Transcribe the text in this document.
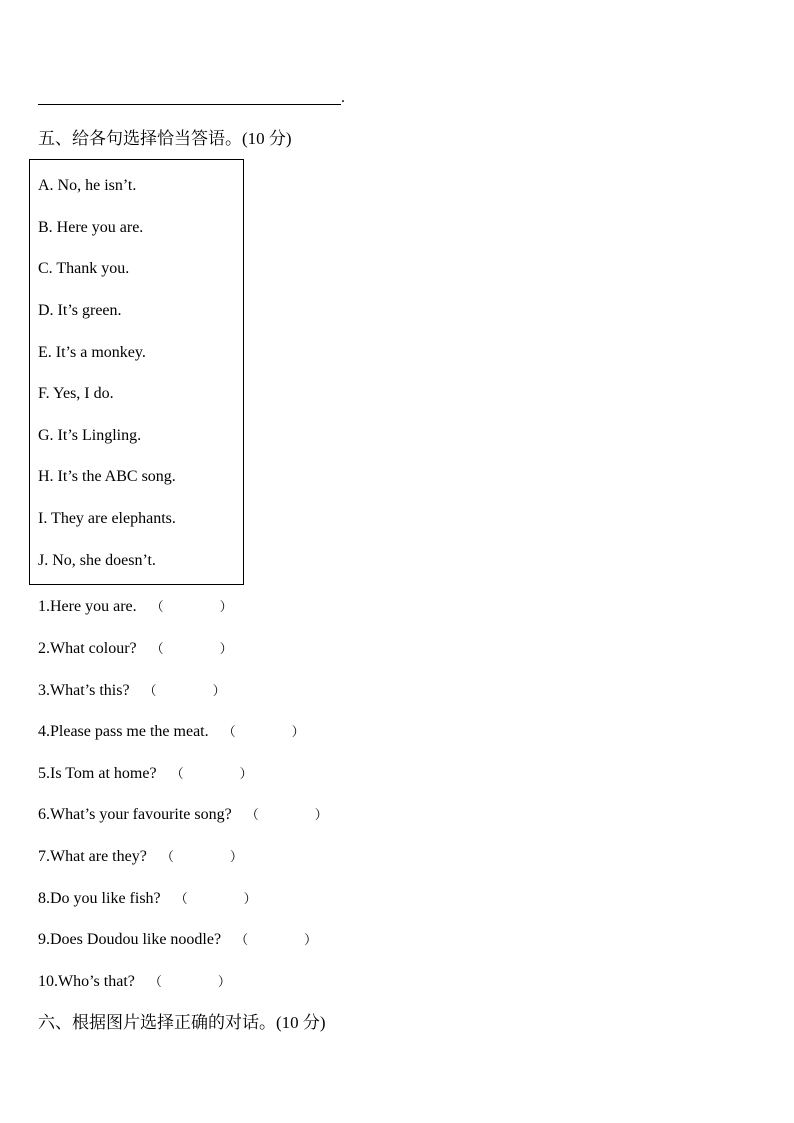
.
五、给各句选择恰当答语。(10 分)
A. No, he isn’t.
B. Here you are.
C. Thank you.
D. It’s green.
E. It’s a monkey.
F. Yes, I do.
G. It’s Lingling.
H. It’s the ABC song.
I. They are elephants.
J. No, she doesn’t.
1.Here you are. （	）
2.What colour? （	）
3.What’s this? （	）
4.Please pass me the meat. （	）
5.Is Tom at home? （	）
6.What’s your favourite song? （	）
7.What are they? （	）
8.Do you like fish? （	）
9.Does Doudou like noodle? （	）
10.Who’s that? （	）
六、根据图片选择正确的对话。(10 分)
